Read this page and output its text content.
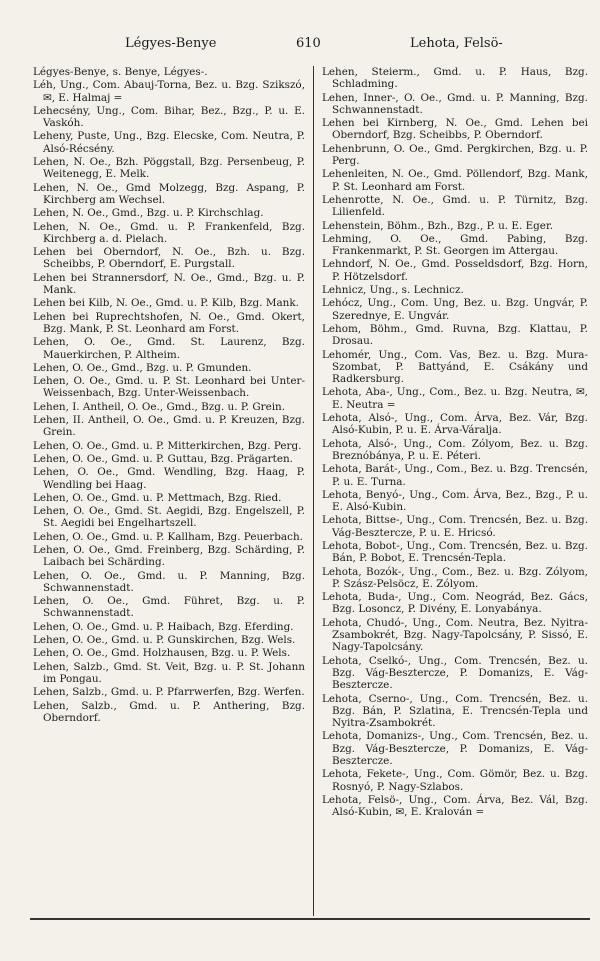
Légyes-Benye	610	Lehota, Felsö-

Légyes-Benye, s. Benye, Légyes-.

Léh, Ung., Com. Abauj-Torna, Bez. u. Bzg. Szikszó, ✉, E. Halmaj =

Lehecsény, Ung., Com. Bihar, Bez., Bzg., P. u. E. Vaskóh.

Leheny, Puste, Ung., Bzg. Elecske, Com. Neutra, P. Alsó-Récsény.

Lehen, N. Oe., Bzh. Pöggstall, Bzg. Persenbeug, P. Weitenegg, E. Melk.

Lehen, N. Oe., Gmd Molzegg, Bzg. Aspang, P. Kirchberg am Wechsel.

Lehen, N. Oe., Gmd., Bzg. u. P. Kirchschlag.

Lehen, N. Oe., Gmd. u. P. Frankenfeld, Bzg. Kirchberg a. d. Pielach.

Lehen bei Oberndorf, N. Oe., Bzh. u. Bzg. Scheibbs, P. Oberndorf, E. Purgstall.

Lehen bei Strannersdorf, N. Oe., Gmd., Bzg. u. P. Mank.

Lehen bei Kilb, N. Oe., Gmd. u. P. Kilb, Bzg. Mank.

Lehen bei Ruprechtshofen, N. Oe., Gmd. Okert, Bzg. Mank, P. St. Leonhard am Forst.

Lehen, O. Oe., Gmd. St. Laurenz, Bzg. Mauerkirchen, P. Altheim.

Lehen, O. Oe., Gmd., Bzg. u. P. Gmunden.

Lehen, O. Oe., Gmd. u. P. St. Leonhard bei Unter-Weissenbach, Bzg. Unter-Weissenbach.

Lehen, I. Antheil, O. Oe., Gmd., Bzg. u. P. Grein.

Lehen, II. Antheil, O. Oe., Gmd. u. P. Kreuzen, Bzg. Grein.

Lehen, O. Oe., Gmd. u. P. Mitterkirchen, Bzg. Perg.

Lehen, O. Oe., Gmd. u. P. Guttau, Bzg. Prägarten.

Lehen, O. Oe., Gmd. Wendling, Bzg. Haag, P. Wendling bei Haag.

Lehen, O. Oe., Gmd. u. P. Mettmach, Bzg. Ried.

Lehen, O. Oe., Gmd. St. Aegidi, Bzg. Engelszell, P. St. Aegidi bei Engelhartszell.

Lehen, O. Oe., Gmd. u. P. Kallham, Bzg. Peuerbach.

Lehen, O. Oe., Gmd. Freinberg, Bzg. Schärding, P. Laibach bei Schärding.

Lehen, O. Oe., Gmd. u. P. Manning, Bzg. Schwannenstadt.

Lehen, O. Oe., Gmd. Führet, Bzg. u. P. Schwannenstadt.

Lehen, O. Oe., Gmd. u. P. Haibach, Bzg. Eferding.

Lehen, O. Oe., Gmd. u. P. Gunskirchen, Bzg. Wels.

Lehen, O. Oe., Gmd. Holzhausen, Bzg. u. P. Wels.

Lehen, Salzb., Gmd. St. Veit, Bzg. u. P. St. Johann im Pongau.

Lehen, Salzb., Gmd. u. P. Pfarrwerfen, Bzg. Werfen.

Lehen, Salzb., Gmd. u. P. Anthering, Bzg. Oberndorf.

Lehen, Steierm., Gmd. u. P. Haus, Bzg. Schladming.

Lehen, Inner-, O. Oe., Gmd. u. P. Manning, Bzg. Schwannenstadt.

Lehen bei Kirnberg, N. Oe., Gmd. Lehen bei Oberndorf, Bzg. Scheibbs, P. Oberndorf.

Lehenbrunn, O. Oe., Gmd. Pergkirchen, Bzg. u. P. Perg.

Lehenleiten, N. Oe., Gmd. Pöllendorf, Bzg. Mank, P. St. Leonhard am Forst.

Lehenrotte, N. Oe., Gmd. u. P. Türnitz, Bzg. Lilienfeld.

Lehenstein, Böhm., Bzh., Bzg., P. u. E. Eger.

Lehming, O. Oe., Gmd. Pabing, Bzg. Frankenmarkt, P. St. Georgen im Attergau.

Lehndorf, N. Oe., Gmd. Posseldsdorf, Bzg. Horn, P. Hötzelsdorf.

Lehnicz, Ung., s. Lechnicz.

Lehócz, Ung., Com. Ung, Bez. u. Bzg. Ungvár, P. Szerednye, E. Ungvár.

Lehom, Böhm., Gmd. Ruvna, Bzg. Klattau, P. Drosau.

Lehomér, Ung., Com. Vas, Bez. u. Bzg. Mura-Szombat, P. Battyánd, E. Csákány und Radkersburg.

Lehota, Aba-, Ung., Com., Bez. u. Bzg. Neutra, ✉, E. Neutra =

Lehota, Alsó-, Ung., Com. Árva, Bez. Vár, Bzg. Alsó-Kubin, P. u. E. Árva-Váralja.

Lehota, Alsó-, Ung., Com. Zólyom, Bez. u. Bzg. Breznóbánya, P. u. E. Péteri.

Lehota, Barát-, Ung., Com., Bez. u. Bzg. Trencsén, P. u. E. Turna.

Lehota, Benyó-, Ung., Com. Árva, Bez., Bzg., P. u. E. Alsó-Kubin.

Lehota, Bittse-, Ung., Com. Trencsén, Bez. u. Bzg. Vág-Besztercze, P. u. E. Hricsó.

Lehota, Bobot-, Ung., Com. Trencsén, Bez. u. Bzg. Bán, P. Bobot, E. Trencsén-Tepla.

Lehota, Bozók-, Ung., Com., Bez. u. Bzg. Zólyom, P. Szász-Pelsöcz, E. Zólyom.

Lehota, Buda-, Ung., Com. Neográd, Bez. Gács, Bzg. Losoncz, P. Divény, E. Lonyabánya.

Lehota, Chudó-, Ung., Com. Neutra, Bez. Nyitra-Zsambokrét, Bzg. Nagy-Tapolcsány, P. Sissó, E. Nagy-Tapolcsány.

Lehota, Cselkó-, Ung., Com. Trencsén, Bez. u. Bzg. Vág-Besztercze, P. Domanizs, E. Vág-Besztercze.

Lehota, Cserno-, Ung., Com. Trencsén, Bez. u. Bzg. Bán, P. Szlatina, E. Trencsén-Tepla und Nyitra-Zsambokrét.

Lehota, Domanizs-, Ung., Com. Trencsén, Bez. u. Bzg. Vág-Besztercze, P. Domanizs, E. Vág-Besztercze.

Lehota, Fekete-, Ung., Com. Gömör, Bez. u. Bzg. Rosnyó, P. Nagy-Szlabos.

Lehota, Felsö-, Ung., Com. Árva, Bez. Vál, Bzg. Alsó-Kubin, ✉, E. Kralován =
